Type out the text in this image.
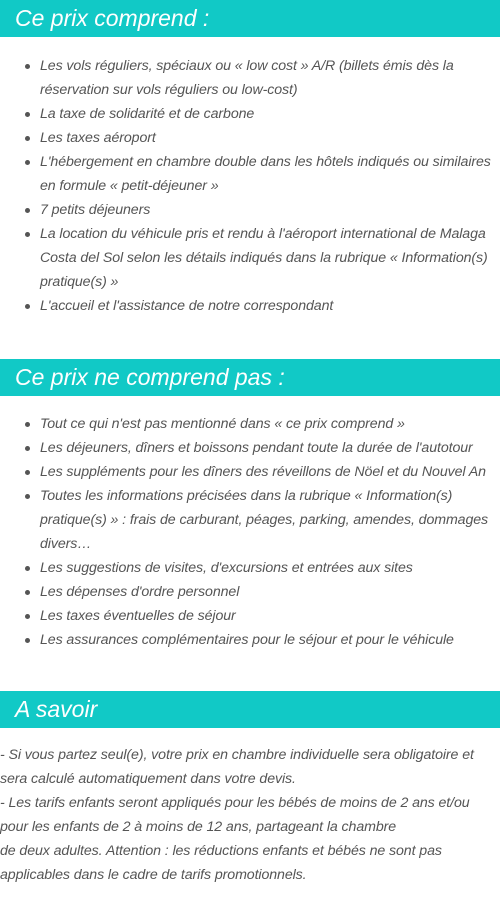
Ce prix comprend :
Les vols réguliers, spéciaux ou « low cost » A/R (billets émis dès la réservation sur vols réguliers ou low-cost)
La taxe de solidarité et de carbone
Les taxes aéroport
L'hébergement en chambre double dans les hôtels indiqués ou similaires en formule « petit-déjeuner »
7 petits déjeuners
La location du véhicule pris et rendu à l'aéroport international de Malaga Costa del Sol selon les détails indiqués dans la rubrique « Information(s) pratique(s) »
L'accueil et l'assistance de notre correspondant
Ce prix ne comprend pas :
Tout ce qui n'est pas mentionné dans « ce prix comprend »
Les déjeuners, dîners et boissons pendant toute la durée de l'autotour
Les suppléments pour les dîners des réveillons de Nöel et du Nouvel An
Toutes les informations précisées dans la rubrique « Information(s) pratique(s) » : frais de carburant, péages, parking, amendes, dommages divers…
Les suggestions de visites, d'excursions et entrées aux sites
Les dépenses d'ordre personnel
Les taxes éventuelles de séjour
Les assurances complémentaires pour le séjour et pour le véhicule
A savoir

- Si vous partez seul(e), votre prix en chambre individuelle sera obligatoire et sera calculé automatiquement dans votre devis.

- Les tarifs enfants seront appliqués pour les bébés de moins de 2 ans et/ou pour les enfants de 2 à moins de 12 ans, partageant la chambre

de deux adultes. Attention : les réductions enfants et bébés ne sont pas applicables dans le cadre de tarifs promotionnels.
